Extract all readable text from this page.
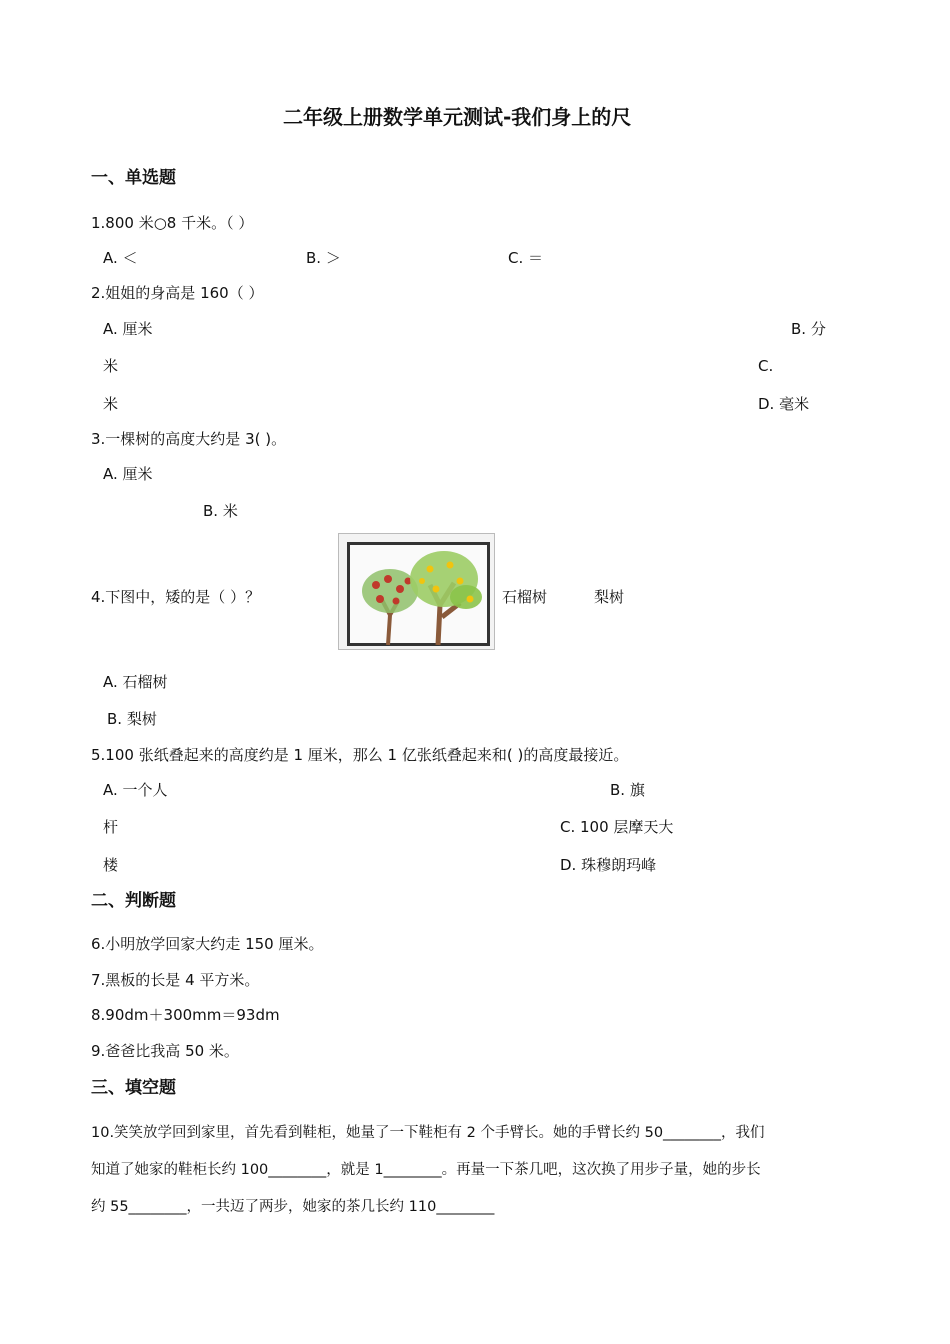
二年级上册数学单元测试-我们身上的尺
一、单选题
1.800 米○8 千米。（ ）
A. ＜	B. ＞	C. ＝
2.姐姐的身高是 160（ ）
A. 厘米	B. 分
米	C.
米	D. 毫米
3.一棵树的高度大约是 3( )。
A. 厘米
B. 米
4.下图中，矮的是（ ）？	石榴树	梨树
A. 石榴树
B. 梨树
5.100 张纸叠起来的高度约是 1 厘米，那么 1 亿张纸叠起来和( )的高度最接近。
A. 一个人	B. 旗
杆	C. 100 层摩天大
楼	D. 珠穆朗玛峰
二、判断题
6.小明放学回家大约走 150 厘米。
7.黑板的长是 4 平方米。
8.90dm＋300mm＝93dm
9.爸爸比我高 50 米。
三、填空题
10.笑笑放学回到家里，首先看到鞋柜，她量了一下鞋柜有 2 个手臂长。她的手臂长约 50________，我们
知道了她家的鞋柜长约 100________，就是 1________。再量一下茶几吧，这次换了用步子量，她的步长
约 55________，一共迈了两步，她家的茶几长约 110________
